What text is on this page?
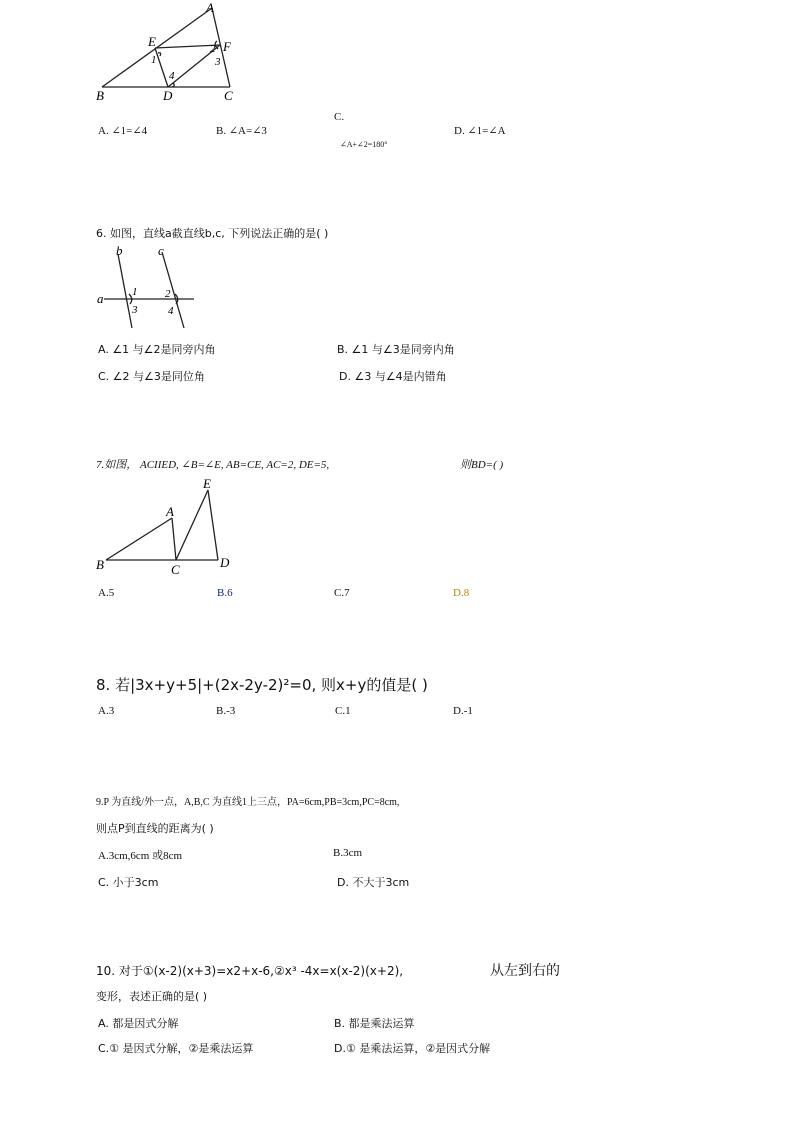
A
E	F
B	D	C
1
2
3
4
A. ∠1=∠4	B. ∠A=∠3
C.
∠A+∠2=180°
D. ∠1=∠A
6. 如图，直线a截直线b,c, 下列说法正确的是( )
b	c
a	1	2
3	4
A. ∠1 与∠2是同旁内角	B. ∠1 与∠3是同旁内角
C. ∠2 与∠3是同位角	D. ∠3 与∠4是内错角
7.如图， ACIIED, ∠B=∠E, AB=CE, AC=2, DE=5,	则BD=( )
E
A
B	C	D
A.5	B.6	C.7	D.8
8. 若|3x+y+5|+(2x-2y-2)²=0, 则x+y的值是( )
A.3	B.-3	C.1	D.-1
9.P 为直线/外一点，A,B,C 为直线1上三点，PA=6cm,PB=3cm,PC=8cm,
则点P到直线的距离为( )
A.3cm,6cm 或8cm	B.3cm
C. 小于3cm	D. 不大于3cm
10. 对于①(x-2)(x+3)=x2+x-6,②x³ -4x=x(x-2)(x+2),	从左到右的
变形，表述正确的是( )
A. 都是因式分解	B. 都是乘法运算
C.① 是因式分解，②是乘法运算	D.① 是乘法运算，②是因式分解
